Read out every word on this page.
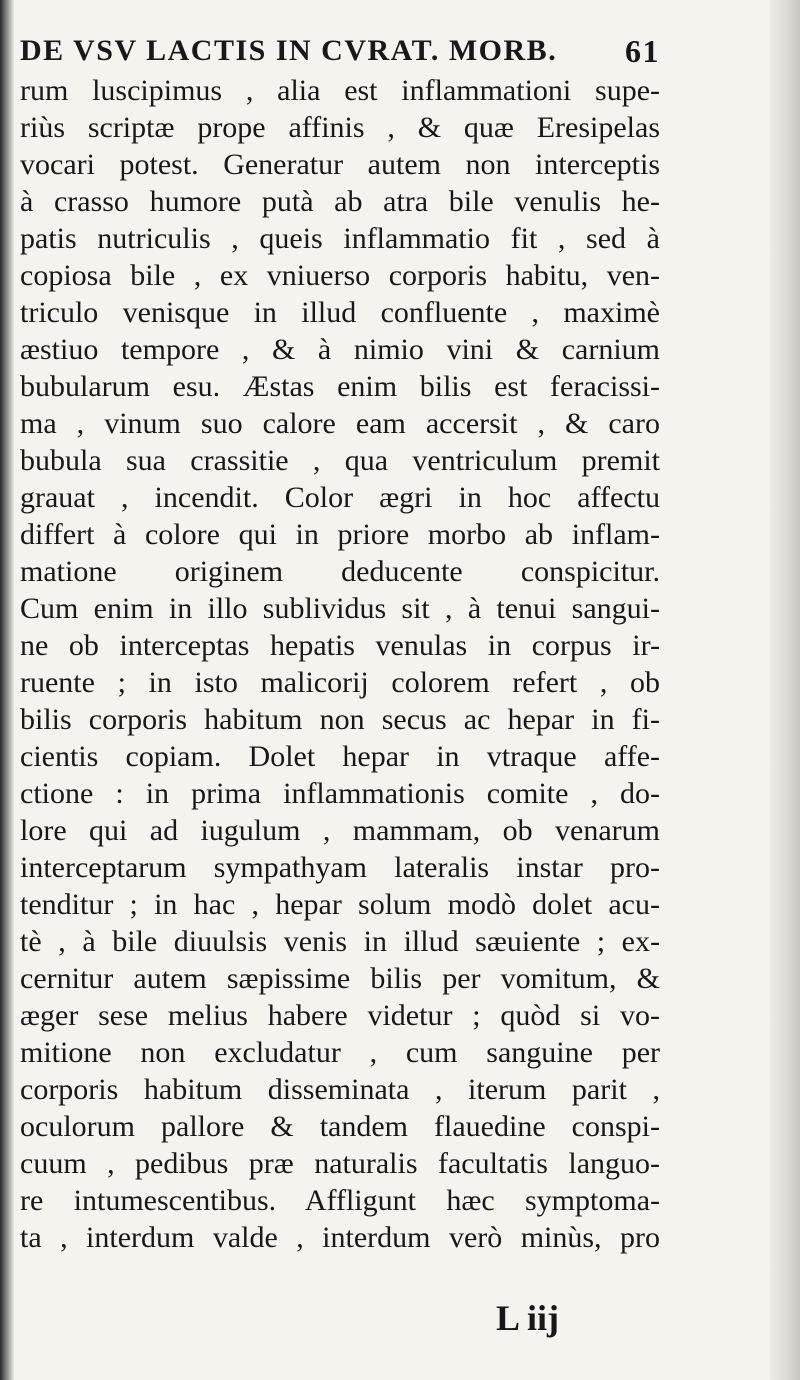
DE VSV LACTIS IN CVRAT. MORB. 61
rum luscipimus , alia est inflammationi supe-
riùs scriptæ prope affinis , & quæ Eresipelas
vocari potest. Generatur autem non interceptis
à crasso humore putà ab atra bile venulis he-
patis nutriculis , queis inflammatio fit , sed à
copiosa bile , ex vniuerso corporis habitu, ven-
triculo venisque in illud confluente , maximè
æstiuo tempore , & à nimio vini & carnium
bubularum esu. Æstas enim bilis est feracissi-
ma , vinum suo calore eam accersit , & caro
bubula sua crassitie , qua ventriculum premit
grauat , incendit. Color ægri in hoc affectu
differt à colore qui in priore morbo ab inflam-
matione originem deducente conspicitur.
Cum enim in illo sublividus sit , à tenui sangui-
ne ob interceptas hepatis venulas in corpus ir-
ruente ; in isto malicorij colorem refert , ob
bilis corporis habitum non secus ac hepar in fi-
cientis copiam. Dolet hepar in vtraque affe-
ctione : in prima inflammationis comite , do-
lore qui ad iugulum , mammam, ob venarum
interceptarum sympathyam lateralis instar pro-
tenditur ; in hac , hepar solum modò dolet acu-
tè , à bile diuulsis venis in illud sæuiente ; ex-
cernitur autem sæpissime bilis per vomitum, &
æger sese melius habere videtur ; quòd si vo-
mitione non excludatur , cum sanguine per
corporis habitum disseminata , iterum parit ,
oculorum pallore & tandem flauedine conspi-
cuum , pedibus præ naturalis facultatis languo-
re intumescentibus. Affligunt hæc symptoma-
ta , interdum valde , interdum verò minùs, pro
L iij
